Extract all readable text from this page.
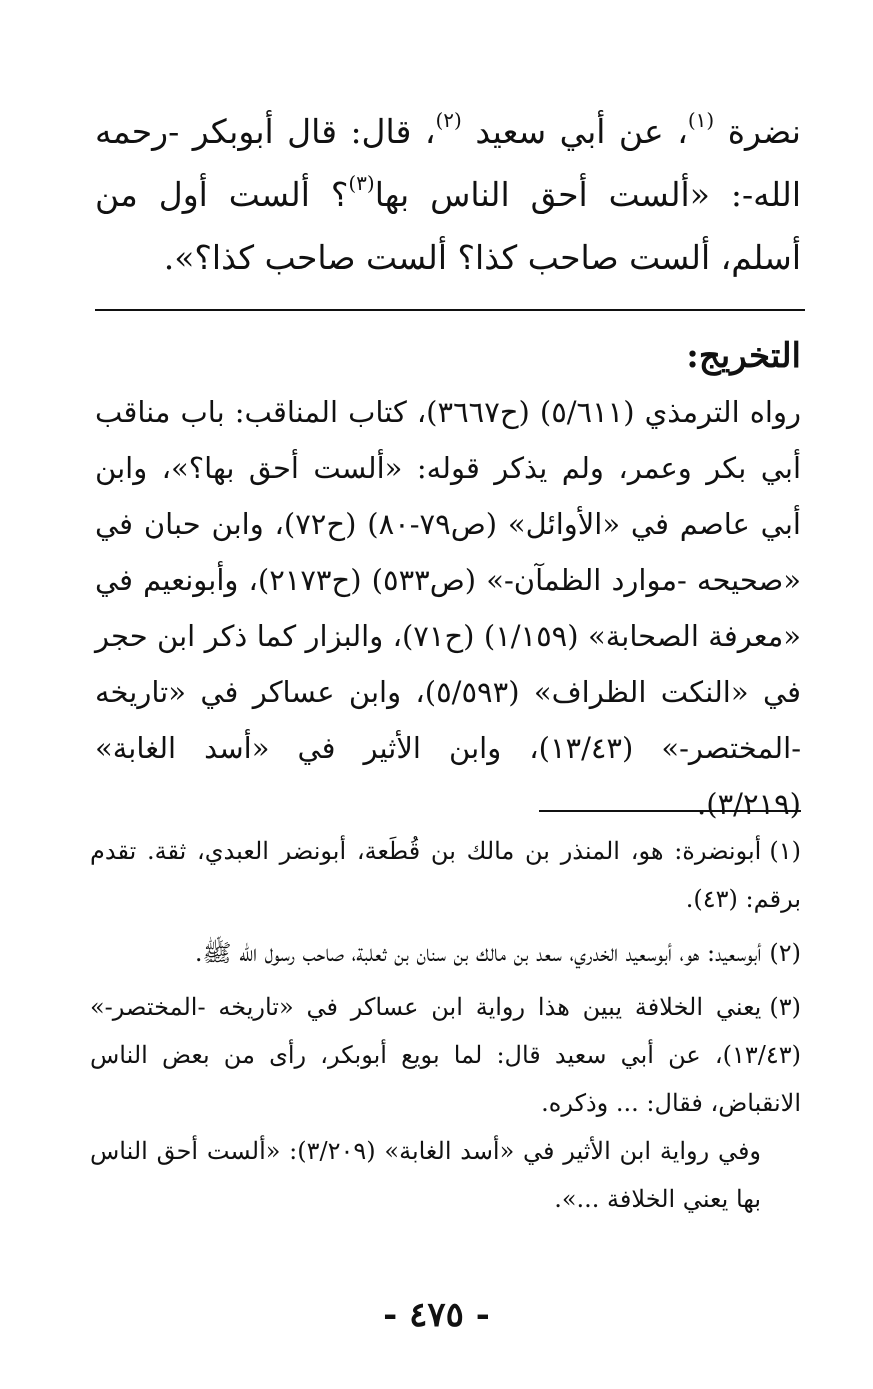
نضرة $^{(١)}$، عن أبي سعيد $^{(٢)}$، قال: قال أبوبكر -رحمه الله-: «ألست أحق الناس بها$^{(٣)}$؟ ألست أول من أسلم، ألست صاحب كذا؟ ألست صاحب كذا؟».

التخريج:

رواه الترمذي (٥/٦١١) (ح٣٦٦٧)، كتاب المناقب: باب مناقب أبي بكر وعمر، ولم يذكر قوله: «ألست أحق بها؟»، وابن أبي عاصم في «الأوائل» (ص٧٩-٨٠) (ح٧٢)، وابن حبان في «صحيحه -موارد الظمآن-» (ص٥٣٣) (ح٢١٧٣)، وأبونعيم في «معرفة الصحابة» (١/١٥٩) (ح٧١)، والبزار كما ذكر ابن حجر في «النكت الظراف» (٥/٥٩٣)، وابن عساكر في «تاريخه -المختصر-» (١٣/٤٣)، وابن الأثير في «أسد الغابة» (٣/٢١٩).

(١)أبونضرة: هو، المنذر بن مالك بن قُطَعة، أبونضر العبدي، ثقة. تقدم برقم: (٤٣).

(٢)أبوسعيد: هو، أبوسعيد الخدري، سعد بن مالك بن سنان بن ثعلبة، صاحب رسول الله ﷺ.

(٣)يعني الخلافة يبين هذا رواية ابن عساكر في «تاريخه -المختصر-» (١٣/٤٣)، عن أبي سعيد قال: لما بويع أبوبكر، رأى من بعض الناس الانقباض، فقال: ... وذكره.
وفي رواية ابن الأثير في «أسد الغابة» (٣/٢٠٩): «ألست أحق الناس بها يعني الخلافة ...».

- ٤٧٥ -
